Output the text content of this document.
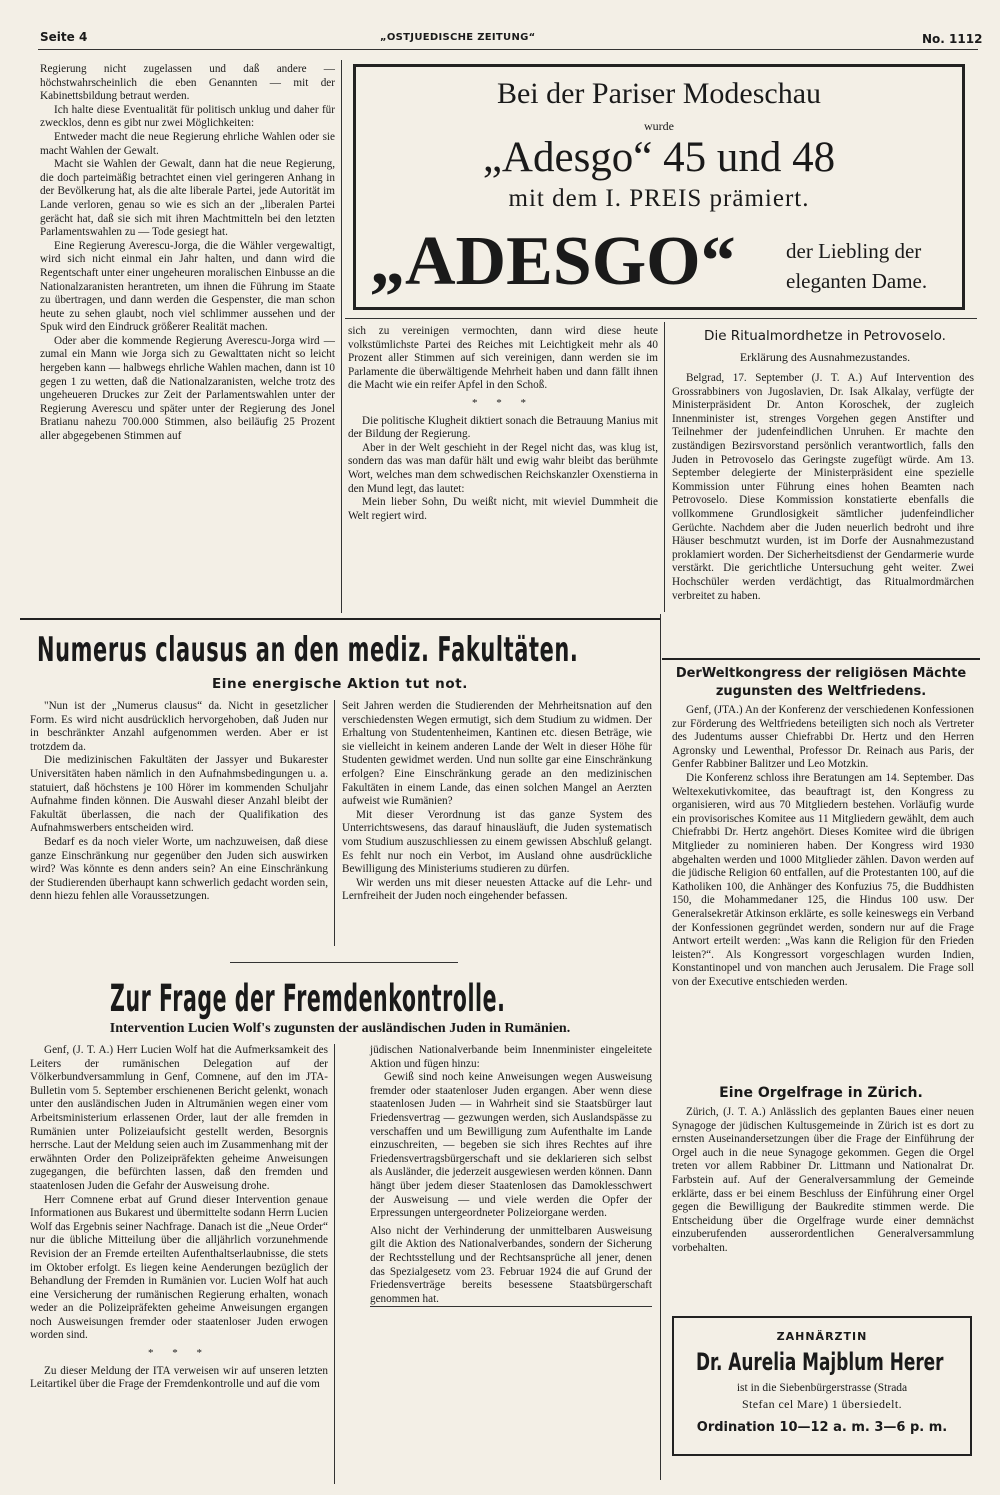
Seite 4	„OSTJUEDISCHE ZEITUNG“	No. 1112

Regierung nicht zugelassen und daß andere — höchstwahrscheinlich die eben Genannten — mit der Kabinettsbildung betraut werden.

Ich halte diese Eventualität für politisch unklug und daher für zwecklos, denn es gibt nur zwei Möglichkeiten:

Entweder macht die neue Regierung ehrliche Wahlen oder sie macht Wahlen der Gewalt.

Macht sie Wahlen der Gewalt, dann hat die neue Regierung, die doch parteimäßig betrachtet einen viel geringeren Anhang in der Bevölkerung hat, als die alte liberale Partei, jede Autorität im Lande verloren, genau so wie es sich an der „liberalen Partei gerächt hat, daß sie sich mit ihren Machtmitteln bei den letzten Parlamentswahlen zu — Tode gesiegt hat.

Eine Regierung Averescu-Jorga, die die Wähler vergewaltigt, wird sich nicht einmal ein Jahr halten, und dann wird die Regentschaft unter einer ungeheuren moralischen Einbusse an die Nationalzaranisten herantreten, um ihnen die Führung im Staate zu übertragen, und dann werden die Gespenster, die man schon heute zu sehen glaubt, noch viel schlimmer aussehen und der Spuk wird den Eindruck größerer Realität machen.

Oder aber die kommende Regierung Averescu-Jorga wird — zumal ein Mann wie Jorga sich zu Gewalttaten nicht so leicht hergeben kann — halbwegs ehrliche Wahlen machen, dann ist 10 gegen 1 zu wetten, daß die Nationalzaranisten, welche trotz des ungeheueren Druckes zur Zeit der Parlamentswahlen unter der Regierung Averescu und später unter der Regierung des Jonel Bratianu nahezu 700.000 Stimmen, also beiläufig 25 Prozent aller abgegebenen Stimmen auf

Bei der Pariser Modeschau
wurde
„Adesgo“ 45 und 48
mit dem I. PREIS prämiert.
„ADESGO“ der Liebling der
eleganten Dame.

sich zu vereinigen vermochten, dann wird diese heute volkstümlichste Partei des Reiches mit Leichtigkeit mehr als 40 Prozent aller Stimmen auf sich vereinigen, dann werden sie im Parlamente die überwältigende Mehrheit haben und dann fällt ihnen die Macht wie ein reifer Apfel in den Schoß.

* * *

Die politische Klugheit diktiert sonach die Betrauung Manius mit der Bildung der Regierung.

Aber in der Welt geschieht in der Regel nicht das, was klug ist, sondern das was man dafür hält und ewig wahr bleibt das berühmte Wort, welches man dem schwedischen Reichskanzler Oxenstierna in den Mund legt, das lautet:

Mein lieber Sohn, Du weißt nicht, mit wieviel Dummheit die Welt regiert wird.

Die Ritualmordhetze in Petrovoselo.
Erklärung des Ausnahmezustandes.

Belgrad, 17. September (J. T. A.) Auf Intervention des Grossrabbiners von Jugoslavien, Dr. Isak Alkalay, verfügte der Ministerpräsident Dr. Anton Koroschek, der zugleich Innenminister ist, strenges Vorgehen gegen Anstifter und Teilnehmer der judenfeindlichen Unruhen. Er machte den zuständigen Bezirsvorstand persönlich verantwortlich, falls den Juden in Petrovoselo das Geringste zugefügt würde. Am 13. September delegierte der Ministerpräsident eine spezielle Kommission unter Führung eines hohen Beamten nach Petrovoselo. Diese Kommission konstatierte ebenfalls die vollkommene Grundlosigkeit sämtlicher judenfeindlicher Gerüchte. Nachdem aber die Juden neuerlich bedroht und ihre Häuser beschmutzt wurden, ist im Dorfe der Ausnahmezustand proklamiert worden. Der Sicherheitsdienst der Gendarmerie wurde verstärkt. Die gerichtliche Untersuchung geht weiter. Zwei Hochschüler werden verdächtigt, das Ritualmordmärchen verbreitet zu haben.

Numerus clausus an den mediz. Fakultäten.
Eine energische Aktion tut not.

"Nun ist der „Numerus clausus“ da. Nicht in gesetzlicher Form. Es wird nicht ausdrücklich hervorgehoben, daß Juden nur in beschränkter Anzahl aufgenommen werden. Aber er ist trotzdem da.

Die medizinischen Fakultäten der Jassyer und Bukarester Universitäten haben nämlich in den Aufnahmsbedingungen u. a. statuiert, daß höchstens je 100 Hörer im kommenden Schuljahr Aufnahme finden können. Die Auswahl dieser Anzahl bleibt der Fakultät überlassen, die nach der Qualifikation des Aufnahmswerbers entscheiden wird.

Bedarf es da noch vieler Worte, um nachzuweisen, daß diese ganze Einschränkung nur gegenüber den Juden sich auswirken wird? Was könnte es denn anders sein? An eine Einschränkung der Studierenden überhaupt kann schwerlich gedacht worden sein, denn hiezu fehlen alle Voraussetzungen.

Seit Jahren werden die Studierenden der Mehrheitsnation auf den verschiedensten Wegen ermutigt, sich dem Studium zu widmen. Der Erhaltung von Studentenheimen, Kantinen etc. diesen Beträge, wie sie vielleicht in keinem anderen Lande der Welt in dieser Höhe für Studenten gewidmet werden. Und nun sollte gar eine Einschränkung erfolgen? Eine Einschränkung gerade an den medizinischen Fakultäten in einem Lande, das einen solchen Mangel an Aerzten aufweist wie Rumänien?

Mit dieser Verordnung ist das ganze System des Unterrichtswesens, das darauf hinausläuft, die Juden systematisch vom Studium auszuschliessen zu einem gewissen Abschluß gelangt. Es fehlt nur noch ein Verbot, im Ausland ohne ausdrückliche Bewilligung des Ministeriums studieren zu dürfen.

Wir werden uns mit dieser neuesten Attacke auf die Lehr- und Lernfreiheit der Juden noch eingehender befassen.

Zur Frage der Fremdenkontrolle.
Intervention Lucien Wolf's zugunsten der ausländischen Juden in Rumänien.

Genf, (J. T. A.) Herr Lucien Wolf hat die Aufmerksamkeit des Leiters der rumänischen Delegation auf der Völkerbundversammlung in Genf, Comnene, auf den im JTA-Bulletin vom 5. September erschienenen Bericht gelenkt, wonach unter den ausländischen Juden in Altrumänien wegen einer vom Arbeitsministerium erlassenen Order, laut der alle fremden in Rumänien unter Polizeiaufsicht gestellt werden, Besorgnis herrsche. Laut der Meldung seien auch im Zusammenhang mit der erwähnten Order den Polizeipräfekten geheime Anweisungen zugegangen, die befürchten lassen, daß den fremden und staatenlosen Juden die Gefahr der Ausweisung drohe.

Herr Comnene erbat auf Grund dieser Intervention genaue Informationen aus Bukarest und übermittelte sodann Herrn Lucien Wolf das Ergebnis seiner Nachfrage. Danach ist die „Neue Order“ nur die übliche Mitteilung über die alljährlich vorzunehmende Revision der an Fremde erteilten Aufenthaltserlaubnisse, die stets im Oktober erfolgt. Es liegen keine Aenderungen bezüglich der Behandlung der Fremden in Rumänien vor. Lucien Wolf hat auch eine Versicherung der rumänischen Regierung erhalten, wonach weder an die Polizeipräfekten geheime Anweisungen ergangen noch Ausweisungen fremder oder staatenloser Juden erwogen worden sind.

* * *

Zu dieser Meldung der ITA verweisen wir auf unseren letzten Leitartikel über die Frage der Fremdenkontrolle und auf die vom

jüdischen Nationalverbande beim Innenminister eingeleitete Aktion und fügen hinzu:

Gewiß sind noch keine Anweisungen wegen Ausweisung fremder oder staatenloser Juden ergangen. Aber wenn diese staatenlosen Juden — in Wahrheit sind sie Staatsbürger laut Friedensvertrag — gezwungen werden, sich Auslandspässe zu verschaffen und um Bewilligung zum Aufenthalte im Lande einzuschreiten, — begeben sie sich ihres Rechtes auf ihre Friedensvertragsbürgerschaft und sie deklarieren sich selbst als Ausländer, die jederzeit ausgewiesen werden können. Dann hängt über jedem dieser Staatenlosen das Damoklesschwert der Ausweisung — und viele werden die Opfer der Erpressungen untergeordneter Polizeiorgane werden.

Also nicht der Verhinderung der unmittelbaren Ausweisung gilt die Aktion des Nationalverbandes, sondern der Sicherung der Rechtsstellung und der Rechtsansprüche all jener, denen das Spezialgesetz vom 23. Februar 1924 die auf Grund der Friedensverträge bereits besessene Staatsbürgerschaft genommen hat.

DerWeltkongress der religiösen Mächte
zugunsten des Weltfriedens.

Genf, (JTA.) An der Konferenz der verschiedenen Konfessionen zur Förderung des Weltfriedens beteiligten sich noch als Vertreter des Judentums ausser Chiefrabbi Dr. Hertz und den Herren Agronsky und Lewenthal, Professor Dr. Reinach aus Paris, der Genfer Rabbiner Balitzer und Leo Motzkin.

Die Konferenz schloss ihre Beratungen am 14. September. Das Weltexekutivkomitee, das beauftragt ist, den Kongress zu organisieren, wird aus 70 Mitgliedern bestehen. Vorläufig wurde ein provisorisches Komitee aus 11 Mitgliedern gewählt, dem auch Chiefrabbi Dr. Hertz angehört. Dieses Komitee wird die übrigen Mitglieder zu nominieren haben. Der Kongress wird 1930 abgehalten werden und 1000 Mitglieder zählen. Davon werden auf die jüdische Religion 60 entfallen, auf die Protestanten 100, auf die Katholiken 100, die Anhänger des Konfuzius 75, die Buddhisten 150, die Mohammedaner 125, die Hindus 100 usw. Der Generalsekretär Atkinson erklärte, es solle keineswegs ein Verband der Konfessionen gegründet werden, sondern nur auf die Frage Antwort erteilt werden: „Was kann die Religion für den Frieden leisten?“. Als Kongressort vorgeschlagen wurden Indien, Konstantinopel und von manchen auch Jerusalem. Die Frage soll von der Executive entschieden werden.

Eine Orgelfrage in Zürich.

Zürich, (J. T. A.) Anlässlich des geplanten Baues einer neuen Synagoge der jüdischen Kultusgemeinde in Zürich ist es dort zu ernsten Auseinandersetzungen über die Frage der Einführung der Orgel auch in die neue Synagoge gekommen. Gegen die Orgel treten vor allem Rabbiner Dr. Littmann und Nationalrat Dr. Farbstein auf. Auf der Generalversammlung der Gemeinde erklärte, dass er bei einem Beschluss der Einführung einer Orgel gegen die Bewilligung der Baukredite stimmen werde. Die Entscheidung über die Orgelfrage wurde einer demnächst einzuberufenden ausserordentlichen Generalversammlung vorbehalten.

ZAHNÄRZTIN
Dr. Aurelia Majblum Herer
ist in die Siebenbürgerstrasse (Strada
Stefan cel Mare) 1 übersiedelt.
Ordination 10—12 a. m. 3—6 p. m.
